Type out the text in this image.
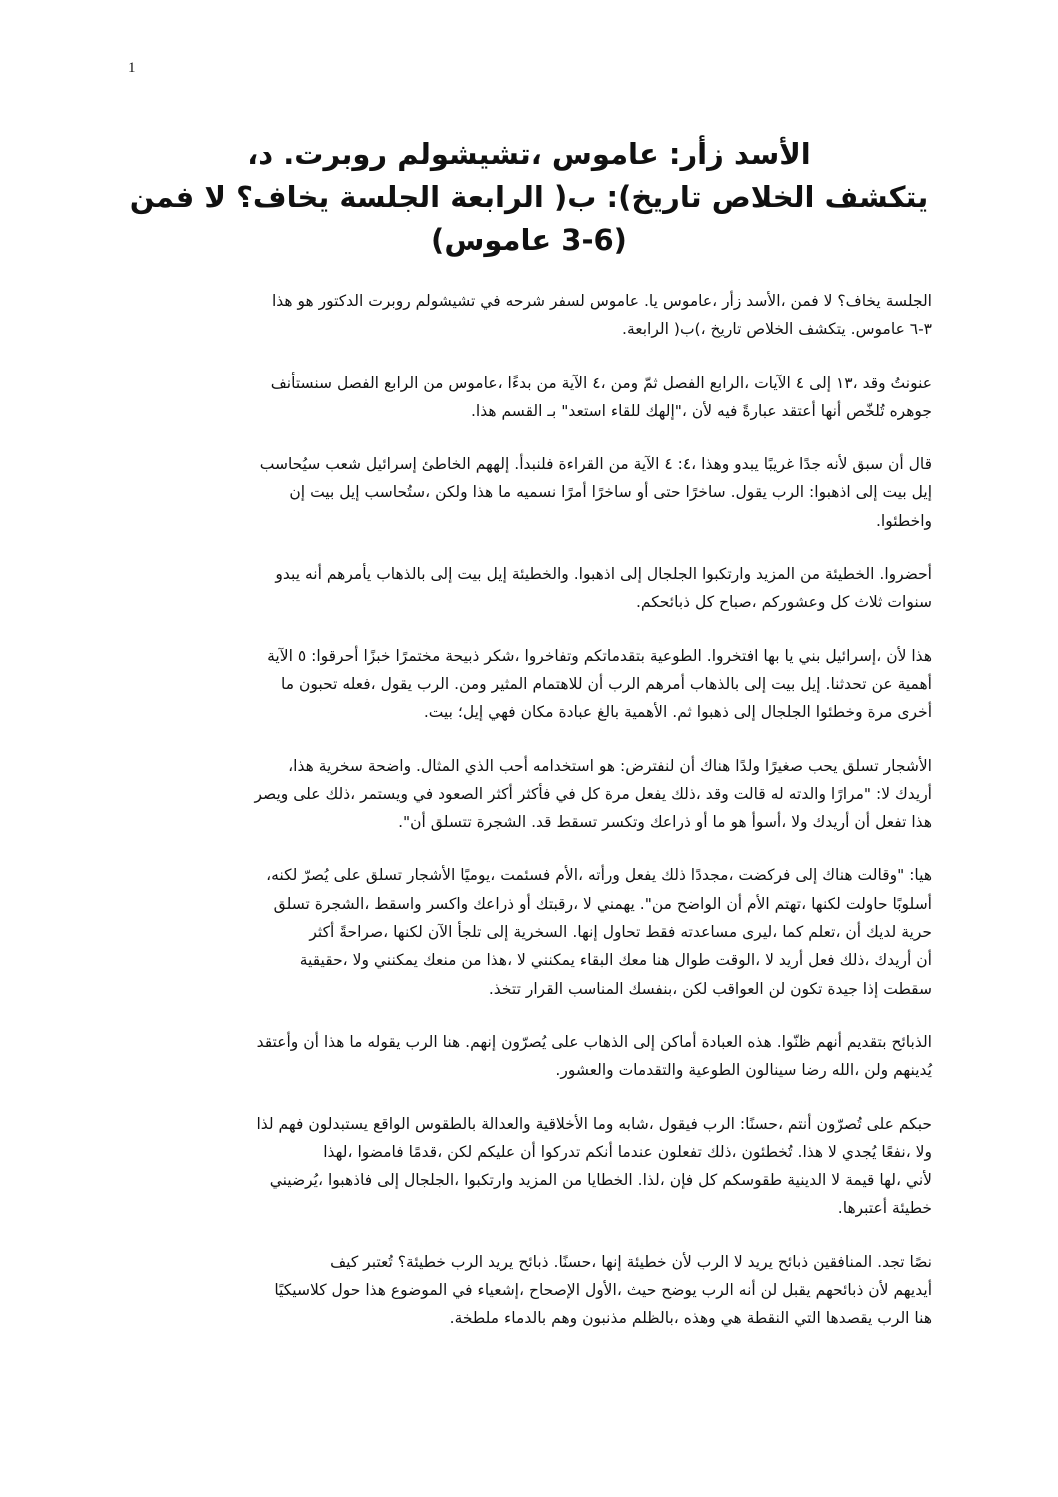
1
،د .روبرت تشيشولم، عاموس :زأر الأسد
فمن لا يخاف؟ الجلسة الرابعة )ب :(تاريخ الخلاص يتكشف
(عاموس 3-6)
هذا هو الدكتور روبرت تشيشولم في شرحه لسفر عاموس .يا عاموس، زأر الأسد، فمن لا يخاف؟ الجلسة
.الرابعة )ب(، تاريخ الخلاص يتكشف .عاموس ٣-٦
سنستأنف الفصل الرابع من عاموس، بدءًا من الآية ٤، ومن ثمّ الفصل الرابع، الآيات ٤ إلى ١٣، وقد عنونتُ
.هذا القسم بـ "استعد للقاء إلهك"، لأن فيه عبارةً أعتقد أنها تُلخّص جوهره
سيُحاسب شعب إسرائيل الخاطئ إلههم .فلنبدأ القراءة من الآية ٤ :٤، وهذا يبدو غريبًا جدًا لأنه سبق أن قال
إن بيت إيل ستُحاسب، ولكن هذا ما نسميه أمرًا ساخرًا أو حتى ساخرًا .يقول الرب :اذهبوا إلى بيت إيل
.واخطئوا
يبدو أنه يأمرهم بالذهاب إلى بيت إيل والخطيئة .اذهبوا إلى الجلجال وارتكبوا المزيد من الخطيئة .أحضروا
.ذبائحكم كل صباح، وعشوركم كل ثلاث سنوات
الآية ٥ :أحرقوا خبزًا مختمرًا ذبيحة شكر، وتفاخروا بتقدماتكم الطوعية .افتخروا بها يا بني إسرائيل، لأن هذا
ما تحبون فعله، يقول الرب .ومن المثير للاهتمام أن الرب أمرهم بالذهاب إلى بيت إيل .تحدثنا عن أهمية
.بيت إيل؛ فهي مكان عبادة بالغ الأهمية .ثم ذهبوا إلى الجلجال وخطئوا مرة أخرى
،هذا سخرية واضحة .المثال الذي أحب استخدامه هو :لنفترض أن هناك ولدًا صغيرًا يحب تسلق الأشجار
ويصر على ذلك، ويستمر في الصعود أكثر فأكثر في كل مرة يفعل ذلك، وقد قالت له والدته مرارًا" :لا أريدك
."أن تتسلق الشجرة .قد تسقط وتكسر ذراعك أو ما هو أسوأ، ولا أريدك أن تفعل هذا
،لكنه يُصرّ على تسلق الأشجار يوميًا، فسئمت الأم، ورأته يفعل ذلك مجددًا، فركضت إلى هناك وقالت" :هيا
تسلق الشجرة، واسقط واكسر ذراعك أو رقبتك، لا يهمني ."من الواضح أن الأم تهتم، لكنها حاولت أسلوبًا
أكثر صراحةً، لكنها الآن تلجأ إلى السخرية .إنها تحاول فقط مساعدته ليرى، كما تعلم، أن لديك حرية
حقيقية، ولا يمكنني منعك من هذا، لا يمكنني البقاء معك هنا طوال الوقت، لا أريد فعل ذلك، أريدك أن
.تتخذ القرار المناسب بنفسك، لكن العواقب لن تكون جيدة إذا سقطت
وأعتقد أن هذا ما يقوله الرب هنا .إنهم يُصرّون على الذهاب إلى أماكن العبادة هذه .ظنّوا أنهم بتقديم الذبائح
.والعشور والتقدمات الطوعية سينالون رضا الله، ولن يُدينهم
لذا فهم يستبدلون الواقع بالطقوس والعدالة الأخلاقية وما شابه، فيقول الرب :حسنًا، أنتم تُصرّون على حبكم
لهذا، فامضوا قدمًا، لكن عليكم أن تدركوا أنكم عندما تفعلون ذلك، تُخطئون .هذا لا يُجدي نفعًا، ولا
يُرضيني، فاذهبوا إلى الجلجال، وارتكبوا المزيد من الخطايا .لذا، فإن كل طقوسكم الدينية لا قيمة لها، لأني
.أعتبرها خطيئة
كيف تُعتبر خطيئة؟ الرب يريد ذبائح .حسنًا، إنها خطيئة لأن الرب لا يريد ذبائح المنافقين .تجد نصًا
كلاسيكيًا حول هذا الموضوع في إشعياء، الإصحاح الأول، حيث يوضح الرب أنه لن يقبل ذبائحهم لأن أيديهم
.ملطخة بالدماء وهم مذنبون بالظلم، وهذه هي النقطة التي يقصدها الرب هنا
